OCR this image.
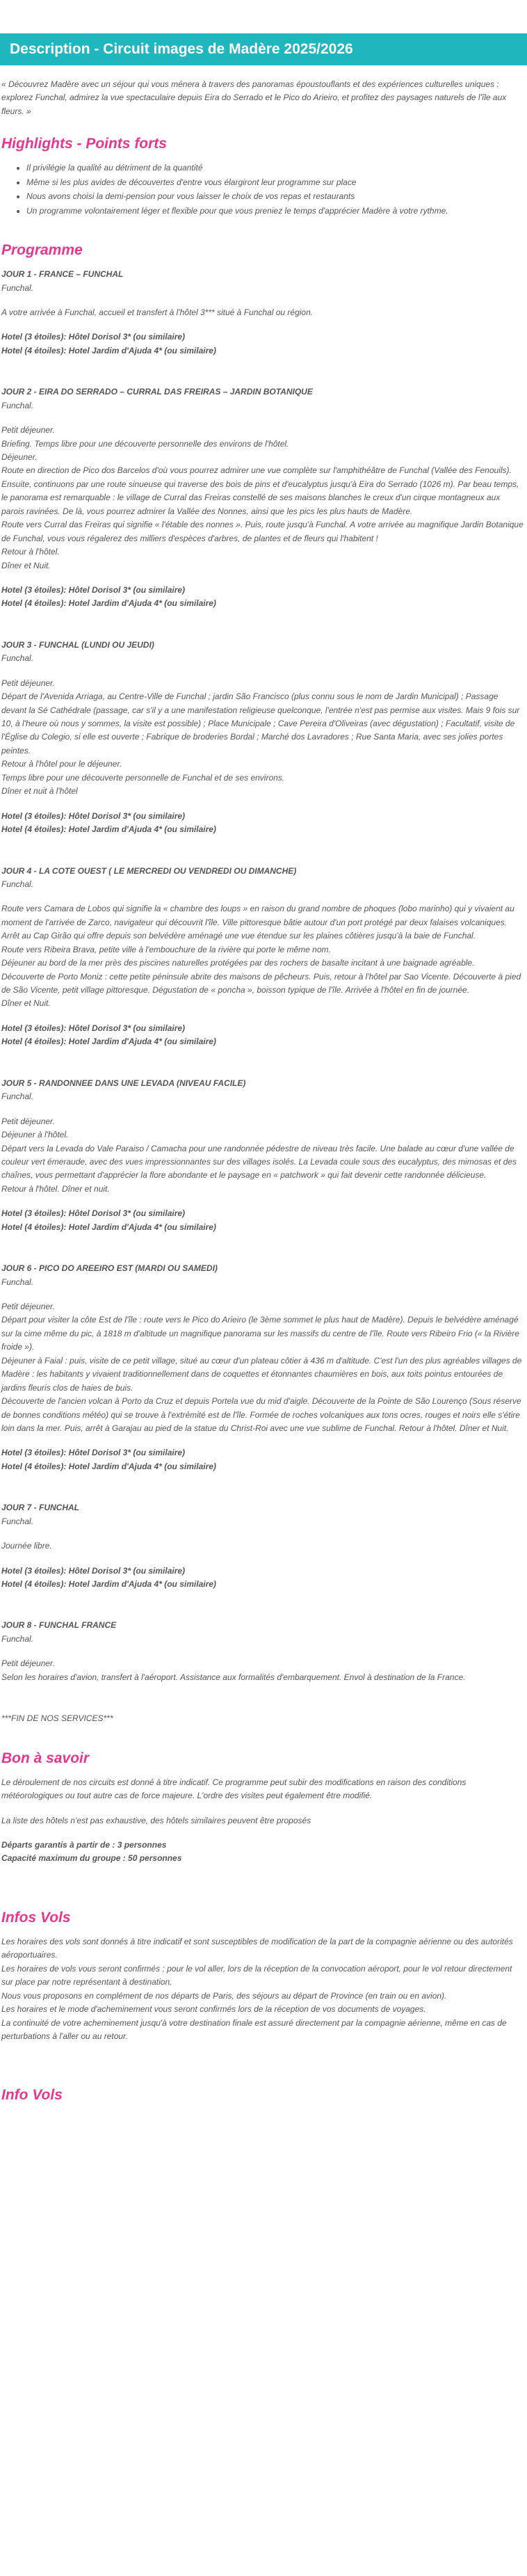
Description - Circuit images de Madère 2025/2026

« Découvrez Madère avec un séjour qui vous ménera à travers des panoramas époustouflants et des expériences culturelles uniques : explorez Funchal, admirez la vue spectaculaire depuis Eira do Serrado et le Pico do Arieiro, et profitez des paysages naturels de l'île aux fleurs. »

Highlights - Points forts
• Il privilégie la qualité au détriment de la quantité
• Même si les plus avides de découvertes d'entre vous élargiront leur programme sur place
• Nous avons choisi la demi-pension pour vous laisser le choix de vos repas et restaurants
• Un programme volontairement léger et flexible pour que vous preniez le temps d'apprécier Madère à votre rythme.
Programme
JOUR 1 - FRANCE – FUNCHAL
Funchal.

A votre arrivée à Funchal, accueil et transfert à l'hôtel 3*** situé à Funchal ou région.

Hotel (3 étoiles): Hôtel Dorisol 3* (ou similaire)
Hotel (4 étoiles): Hotel Jardim d'Ajuda 4* (ou similaire)
JOUR 2 - EIRA DO SERRADO – CURRAL DAS FREIRAS – JARDIN BOTANIQUE
Funchal.

Petit déjeuner.

Briefing. Temps libre pour une découverte personnelle des environs de l'hôtel.

Déjeuner.

Route en direction de Pico dos Barcelos d'où vous pourrez admirer une vue complète sur l'amphithéâtre de Funchal (Vallée des Fenouils). Ensuite, continuons par une route sinueuse qui traverse des bois de pins et d'eucalyptus jusqu'à Eira do Serrado (1026 m). Par beau temps, le panorama est remarquable : le village de Curral das Freiras constellé de ses maisons blanches le creux d'un cirque montagneux aux parois ravinées. De là, vous pourrez admirer la Vallée des Nonnes, ainsi que les pics les plus hauts de Madère.

Route vers Curral das Freiras qui signifie « l'étable des nonnes ». Puis, route jusqu'à Funchal. A votre arrivée au magnifique Jardin Botanique de Funchal, vous vous régalerez des milliers d'espèces d'arbres, de plantes et de fleurs qui l'habitent !

Retour à l'hôtel.

Dîner et Nuit.

Hotel (3 étoiles): Hôtel Dorisol 3* (ou similaire)
Hotel (4 étoiles): Hotel Jardim d'Ajuda 4* (ou similaire)
JOUR 3 - FUNCHAL (LUNDI OU JEUDI)
Funchal.

Petit déjeuner.

Départ de l'Avenida Arriaga, au Centre-Ville de Funchal ; jardin São Francisco (plus connu sous le nom de Jardin Municipal) ; Passage devant la Sé Cathédrale (passage, car s'il y a une manifestation religieuse quelconque, l'entrée n'est pas permise aux visites. Mais 9 fois sur 10, à l'heure où nous y sommes, la visite est possible) ; Place Municipale ; Cave Pereira d'Oliveiras (avec dégustation) ; Facultatif, visite de l'Église du Colegio, si elle est ouverte ; Fabrique de broderies Bordal ; Marché dos Lavradores ; Rue Santa Maria, avec ses jolies portes peintes.

Retour à l'hôtel pour le déjeuner.

Temps libre pour une découverte personnelle de Funchal et de ses environs.

Dîner et nuit à l'hôtel

Hotel (3 étoiles): Hôtel Dorisol 3* (ou similaire)
Hotel (4 étoiles): Hotel Jardim d'Ajuda 4* (ou similaire)
JOUR 4 - LA COTE OUEST ( LE MERCREDI OU VENDREDI OU DIMANCHE)
Funchal.

Route vers Camara de Lobos qui signifie la « chambre des loups » en raison du grand nombre de phoques (lobo marinho) qui y vivaient au moment de l'arrivée de Zarco, navigateur qui découvrit l'île. Ville pittoresque bâtie autour d'un port protégé par deux falaises volcaniques. Arrêt au Cap Girão qui offre depuis son belvédère aménagé une vue étendue sur les plaines côtières jusqu'à la baie de Funchal.

Route vers Ribeira Brava, petite ville à l'embouchure de la rivière qui porte le même nom.

Déjeuner au bord de la mer près des piscines naturelles protégées par des rochers de basalte incitant à une baignade agréable.

Découverte de Porto Moniz : cette petite péninsule abrite des maisons de pêcheurs. Puis, retour à l'hôtel par Sao Vicente. Découverte à pied de São Vicente, petit village pittoresque. Dégustation de « poncha », boisson typique de l'île. Arrivée à l'hôtel en fin de journée.

Dîner et Nuit.

Hotel (3 étoiles): Hôtel Dorisol 3* (ou similaire)
Hotel (4 étoiles): Hotel Jardim d'Ajuda 4* (ou similaire)
JOUR 5 - RANDONNEE DANS UNE LEVADA (NIVEAU FACILE)
Funchal.

Petit déjeuner.

Déjeuner à l'hôtel.

Départ vers la Levada do Vale Paraiso / Camacha pour une randonnée pédestre de niveau très facile. Une balade au cœur d'une vallée de couleur vert émeraude, avec des vues impressionnantes sur des villages isolés. La Levada coule sous des eucalyptus, des mimosas et des chaînes, vous permettant d'apprécier la flore abondante et le paysage en « patchwork » qui fait devenir cette randonnée délicieuse.

Retour à l'hôtel. Dîner et nuit.

Hotel (3 étoiles): Hôtel Dorisol 3* (ou similaire)
Hotel (4 étoiles): Hotel Jardim d'Ajuda 4* (ou similaire)
JOUR 6 - PICO DO AREEIRO EST (MARDI OU SAMEDI)
Funchal.

Petit déjeuner.

Départ pour visiter la côte Est de l'île : route vers le Pico do Arieiro (le 3ème sommet le plus haut de Madère). Depuis le belvédère aménagé sur la cime même du pic, à 1818 m d'altitude un magnifique panorama sur les massifs du centre de l'île. Route vers Ribeiro Frio (« la Rivière froide »).

Déjeuner à Faial : puis, visite de ce petit village, situé au cœur d'un plateau côtier à 436 m d'altitude. C'est l'un des plus agréables villages de Madère : les habitants y vivaient traditionnellement dans de coquettes et étonnantes chaumières en bois, aux toits pointus entourées de jardins fleuris clos de haies de buis.

Découverte de l'ancien volcan à Porto da Cruz et depuis Portela vue du mid d'aigle. Découverte de la Pointe de São Lourenço (Sous réserve de bonnes conditions météo) qui se trouve à l'extrémité est de l'île. Formée de roches volcaniques aux tons ocres, rouges et noirs elle s'étire loin dans la mer. Puis, arrêt à Garajau au pied de la statue du Christ-Roi avec une vue sublime de Funchal. Retour à l'hôtel. Dîner et Nuit.

Hotel (3 étoiles): Hôtel Dorisol 3* (ou similaire)
Hotel (4 étoiles): Hotel Jardim d'Ajuda 4* (ou similaire)
JOUR 7 - FUNCHAL
Funchal.

Journée libre.

Hotel (3 étoiles): Hôtel Dorisol 3* (ou similaire)
Hotel (4 étoiles): Hotel Jardim d'Ajuda 4* (ou similaire)
JOUR 8 - FUNCHAL FRANCE
Funchal.

Petit déjeuner.

Selon les horaires d'avion, transfert à l'aéroport. Assistance aux formalités d'embarquement. Envol à destination de la France.

***FIN DE NOS SERVICES***
Bon à savoir

Le déroulement de nos circuits est donné à titre indicatif. Ce programme peut subir des modifications en raison des conditions météorologiques ou tout autre cas de force majeure. L'ordre des visites peut également être modifié.

La liste des hôtels n'est pas exhaustive, des hôtels similaires peuvent être proposés

Départs garantis à partir de : 3 personnes

Capacité maximum du groupe : 50 personnes

Infos Vols

Les horaires des vols sont donnés à titre indicatif et sont susceptibles de modification de la part de la compagnie aérienne ou des autorités aéroportuaires.

Les horaires de vols vous seront confirmés : pour le vol aller, lors de la réception de la convocation aéroport, pour le vol retour directement sur place par notre représentant à destination.

Nous vous proposons en complément de nos départs de Paris, des séjours au départ de Province (en train ou en avion).

Les horaires et le mode d'acheminement vous seront confirmés lors de la réception de vos documents de voyages.

La continuité de votre acheminement jusqu'à votre destination finale est assuré directement par la compagnie aérienne, même en cas de perturbations à l'aller ou au retour.

Info Vols
